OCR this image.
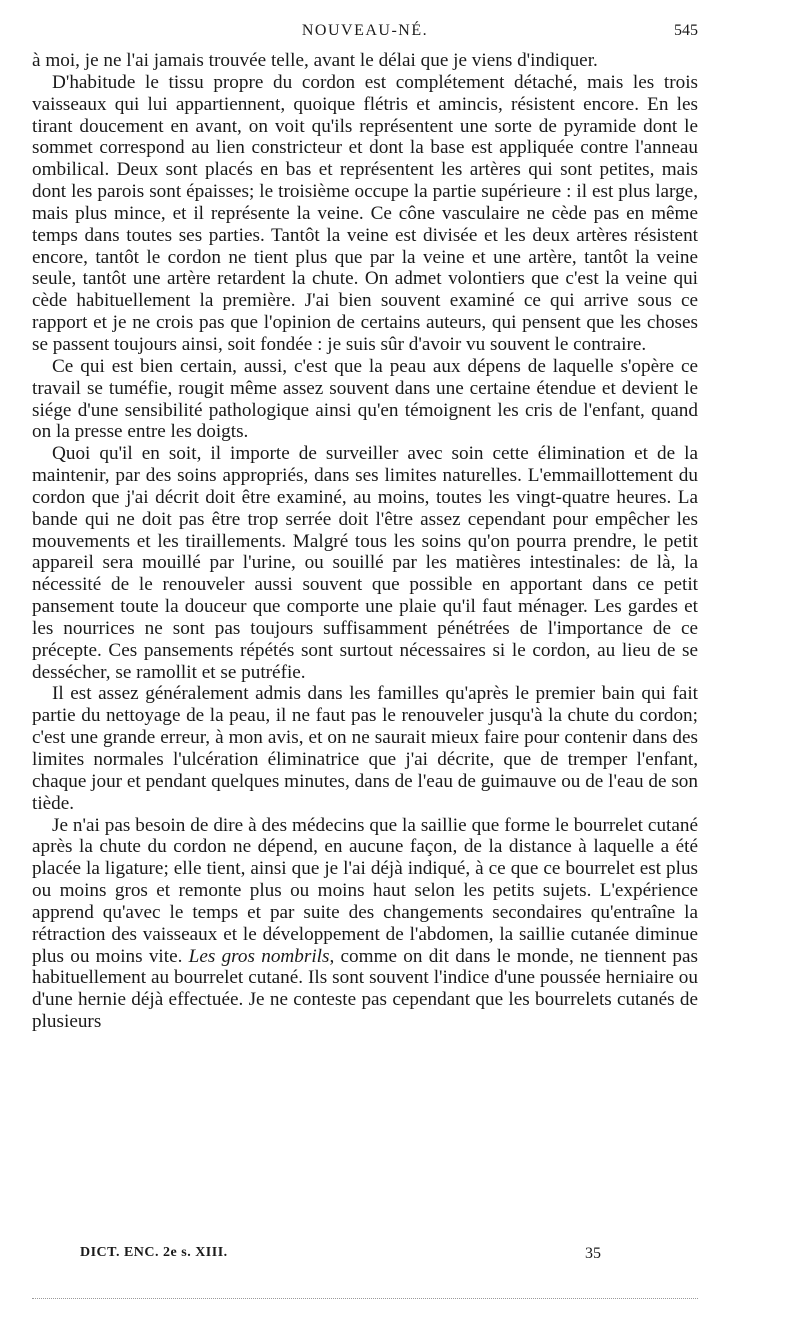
NOUVEAU-NÉ.	545

à moi, je ne l'ai jamais trouvée telle, avant le délai que je viens d'indiquer.

D'habitude le tissu propre du cordon est complétement détaché, mais les trois vaisseaux qui lui appartiennent, quoique flétris et amincis, résistent encore. En les tirant doucement en avant, on voit qu'ils représentent une sorte de pyramide dont le sommet correspond au lien constricteur et dont la base est appliquée contre l'anneau ombilical. Deux sont placés en bas et représentent les artères qui sont petites, mais dont les parois sont épaisses; le troisième occupe la partie supérieure : il est plus large, mais plus mince, et il représente la veine. Ce cône vasculaire ne cède pas en même temps dans toutes ses parties. Tantôt la veine est divisée et les deux artères résistent encore, tantôt le cordon ne tient plus que par la veine et une artère, tantôt la veine seule, tantôt une artère retardent la chute. On admet volontiers que c'est la veine qui cède habituellement la première. J'ai bien souvent examiné ce qui arrive sous ce rapport et je ne crois pas que l'opinion de certains auteurs, qui pensent que les choses se passent toujours ainsi, soit fondée : je suis sûr d'avoir vu souvent le contraire.

Ce qui est bien certain, aussi, c'est que la peau aux dépens de laquelle s'opère ce travail se tuméfie, rougit même assez souvent dans une certaine étendue et devient le siége d'une sensibilité pathologique ainsi qu'en témoignent les cris de l'enfant, quand on la presse entre les doigts.

Quoi qu'il en soit, il importe de surveiller avec soin cette élimination et de la maintenir, par des soins appropriés, dans ses limites naturelles. L'emmaillottement du cordon que j'ai décrit doit être examiné, au moins, toutes les vingt-quatre heures. La bande qui ne doit pas être trop serrée doit l'être assez cependant pour empêcher les mouvements et les tiraillements. Malgré tous les soins qu'on pourra prendre, le petit appareil sera mouillé par l'urine, ou souillé par les matières intestinales: de là, la nécessité de le renouveler aussi souvent que possible en apportant dans ce petit pansement toute la douceur que comporte une plaie qu'il faut ménager. Les gardes et les nourrices ne sont pas toujours suffisamment pénétrées de l'importance de ce précepte. Ces pansements répétés sont surtout nécessaires si le cordon, au lieu de se dessécher, se ramollit et se putréfie.

Il est assez généralement admis dans les familles qu'après le premier bain qui fait partie du nettoyage de la peau, il ne faut pas le renouveler jusqu'à la chute du cordon; c'est une grande erreur, à mon avis, et on ne saurait mieux faire pour contenir dans des limites normales l'ulcération éliminatrice que j'ai décrite, que de tremper l'enfant, chaque jour et pendant quelques minutes, dans de l'eau de guimauve ou de l'eau de son tiède.

Je n'ai pas besoin de dire à des médecins que la saillie que forme le bourrelet cutané après la chute du cordon ne dépend, en aucune façon, de la distance à laquelle a été placée la ligature; elle tient, ainsi que je l'ai déjà indiqué, à ce que ce bourrelet est plus ou moins gros et remonte plus ou moins haut selon les petits sujets. L'expérience apprend qu'avec le temps et par suite des changements secondaires qu'entraîne la rétraction des vaisseaux et le développement de l'abdomen, la saillie cutanée diminue plus ou moins vite. Les gros nombrils, comme on dit dans le monde, ne tiennent pas habituellement au bourrelet cutané. Ils sont souvent l'indice d'une poussée herniaire ou d'une hernie déjà effectuée. Je ne conteste pas cependant que les bourrelets cutanés de plusieurs

DICT. ENC. 2e s. XIII.	35
